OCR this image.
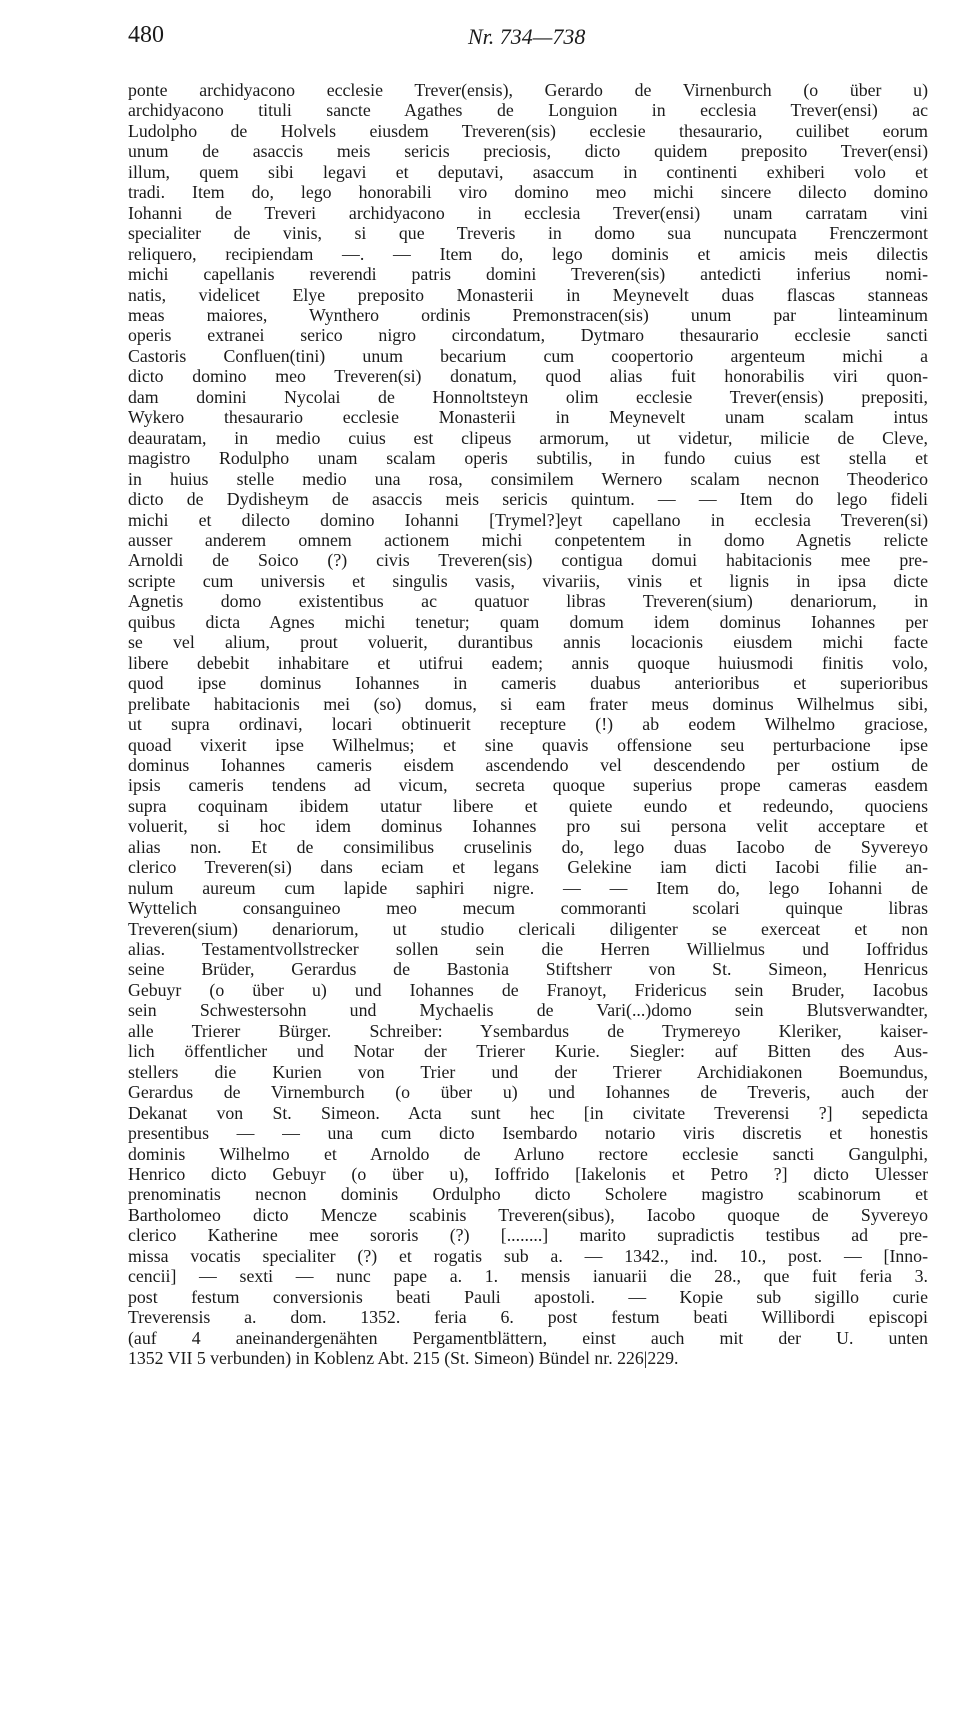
480	Nr. 734—738
ponte archidyacono ecclesie Trever(ensis), Gerardo de Virnenburch (o über u)
archidyacono tituli sancte Agathes de Longuion in ecclesia Trever(ensi) ac
Ludolpho de Holvels eiusdem Treveren(sis) ecclesie thesaurario, cuilibet eorum
unum de asaccis meis sericis preciosis, dicto quidem preposito Trever(ensi)
illum, quem sibi legavi et deputavi, asaccum in continenti exhiberi volo et
tradi. Item do, lego honorabili viro domino meo michi sincere dilecto domino
Iohanni de Treveri archidyacono in ecclesia Trever(ensi) unam carratam vini
specialiter de vinis, si que Treveris in domo sua nuncupata Frenczermont
reliquero, recipiendam —. — Item do, lego dominis et amicis meis dilectis
michi capellanis reverendi patris domini Treveren(sis) antedicti inferius nomi-
natis, videlicet Elye preposito Monasterii in Meynevelt duas flascas stanneas
meas maiores, Wynthero ordinis Premonstracen(sis) unum par linteaminum
operis extranei serico nigro circondatum, Dytmaro thesaurario ecclesie sancti
Castoris Confluen(tini) unum becarium cum coopertorio argenteum michi a
dicto domino meo Treveren(si) donatum, quod alias fuit honorabilis viri quon-
dam domini Nycolai de Honnoltsteyn olim ecclesie Trever(ensis) prepositi,
Wykero thesaurario ecclesie Monasterii in Meynevelt unam scalam intus
deauratam, in medio cuius est clipeus armorum, ut videtur, milicie de Cleve,
magistro Rodulpho unam scalam operis subtilis, in fundo cuius est stella et
in huius stelle medio una rosa, consimilem Wernero scalam necnon Theoderico
dicto de Dydisheym de asaccis meis sericis quintum. — — Item do lego fideli
michi et dilecto domino Iohanni [Trymel?]eyt capellano in ecclesia Treveren(si)
ausser anderem omnem actionem michi conpetentem in domo Agnetis relicte
Arnoldi de Soico (?) civis Treveren(sis) contigua domui habitacionis mee pre-
scripte cum universis et singulis vasis, vivariis, vinis et lignis in ipsa dicte
Agnetis domo existentibus ac quatuor libras Treveren(sium) denariorum, in
quibus dicta Agnes michi tenetur; quam domum idem dominus Iohannes per
se vel alium, prout voluerit, durantibus annis locacionis eiusdem michi facte
libere debebit inhabitare et utifrui eadem; annis quoque huiusmodi finitis volo,
quod ipse dominus Iohannes in cameris duabus anterioribus et superioribus
prelibate habitacionis mei (so) domus, si eam frater meus dominus Wilhelmus sibi,
ut supra ordinavi, locari obtinuerit recepture (!) ab eodem Wilhelmo graciose,
quoad vixerit ipse Wilhelmus; et sine quavis offensione seu perturbacione ipse
dominus Iohannes cameris eisdem ascendendo vel descendendo per ostium de
ipsis cameris tendens ad vicum, secreta quoque superius prope cameras easdem
supra coquinam ibidem utatur libere et quiete eundo et redeundo, quociens
voluerit, si hoc idem dominus Iohannes pro sui persona velit acceptare et
alias non. Et de consimilibus cruselinis do, lego duas Iacobo de Syvereyo
clerico Treveren(si) dans eciam et legans Gelekine iam dicti Iacobi filie an-
nulum aureum cum lapide saphiri nigre. — — Item do, lego Iohanni de
Wyttelich consanguineo meo mecum commoranti scolari quinque libras
Treveren(sium) denariorum, ut studio clericali diligenter se exerceat et non
alias. Testamentvollstrecker sollen sein die Herren Willielmus und Ioffridus
seine Brüder, Gerardus de Bastonia Stiftsherr von St. Simeon, Henricus
Gebuyr (o über u) und Iohannes de Franoyt, Fridericus sein Bruder, Iacobus
sein Schwestersohn und Mychaelis de Vari(...)domo sein Blutsverwandter,
alle Trierer Bürger. Schreiber: Ysembardus de Trymereyo Kleriker, kaiser-
lich öffentlicher und Notar der Trierer Kurie. Siegler: auf Bitten des Aus-
stellers die Kurien von Trier und der Trierer Archidiakonen Boemundus,
Gerardus de Virnemburch (o über u) und Iohannes de Treveris, auch der
Dekanat von St. Simeon. Acta sunt hec [in civitate Treverensi ?] sepedicta
presentibus — — una cum dicto Isembardo notario viris discretis et honestis
dominis Wilhelmo et Arnoldo de Arluno rectore ecclesie sancti Gangulphi,
Henrico dicto Gebuyr (o über u), Ioffrido [Iakelonis et Petro ?] dicto Ulesser
prenominatis necnon dominis Ordulpho dicto Scholere magistro scabinorum et
Bartholomeo dicto Mencze scabinis Treveren(sibus), Iacobo quoque de Syvereyo
clerico Katherine mee sororis (?) [........] marito supradictis testibus ad pre-
missa vocatis specialiter (?) et rogatis sub a. — 1342., ind. 10., post. — [Inno-
cencii] — sexti — nunc pape a. 1. mensis ianuarii die 28., que fuit feria 3.
post festum conversionis beati Pauli apostoli. — Kopie sub sigillo curie
Treverensis a. dom. 1352. feria 6. post festum beati Willibordi episcopi
(auf 4 aneinandergenähten Pergamentblättern, einst auch mit der U. unten
1352 VII 5 verbunden) in Koblenz Abt. 215 (St. Simeon) Bündel nr. 226|229.
